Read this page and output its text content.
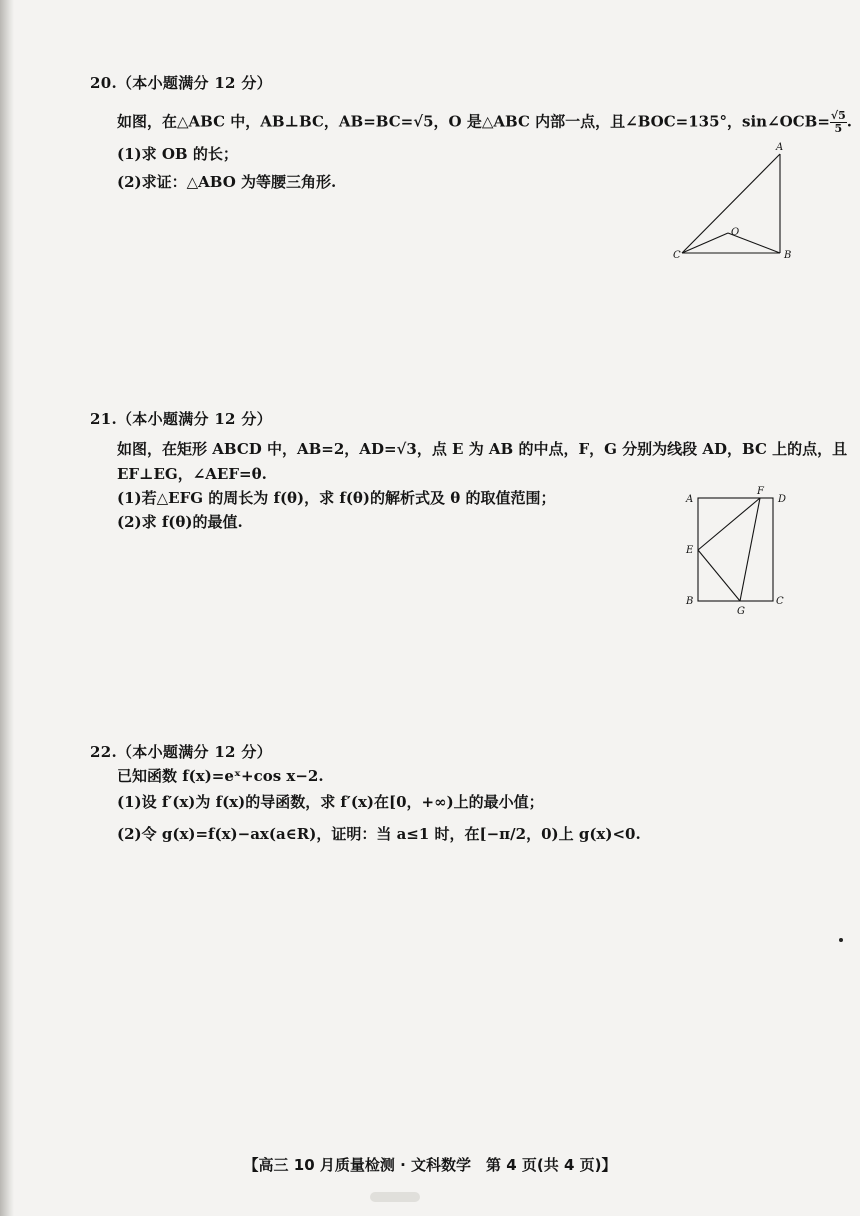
20.（本小题满分 12 分）
如图，在△ABC 中，AB⊥BC，AB=BC=√5，O 是△ABC 内部一点，且∠BOC=135°，sin∠OCB= $\frac{√5}{5}$ .
(1)求 OB 的长；
(2)求证：△ABO 为等腰三角形.
A
B
C
O
21.（本小题满分 12 分）
如图，在矩形 ABCD 中，AB=2，AD=√3，点 E 为 AB 的中点，F，G 分别为线段 AD，BC 上的点，且
EF⊥EG，∠AEF=θ.
(1)若△EFG 的周长为 f(θ)，求 f(θ)的解析式及 θ 的取值范围；
(2)求 f(θ)的最值.
A
B	C
D
E
F
G
22.（本小题满分 12 分）
已知函数 f(x)=eˣ+cos x−2.
(1)设 f′(x)为 f(x)的导函数，求 f′(x)在[0，+∞)上的最小值；
(2)令 g(x)=f(x)−ax(a∈R)，证明：当 a≤1 时，在[−π/2，0)上 g(x)<0.
【高三 10 月质量检测 · 文科数学　第 4 页(共 4 页)】
